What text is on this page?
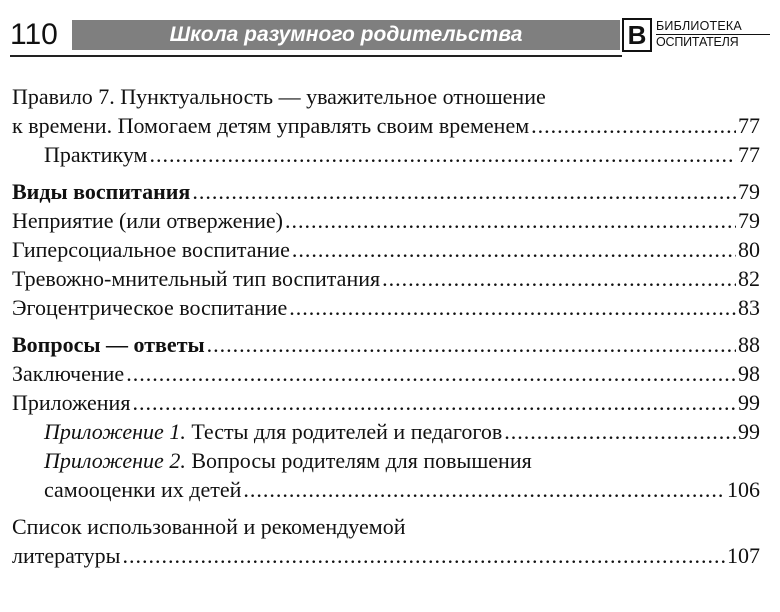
110	Школа разумного родительства	В БИБЛИОТЕКА
ОСПИТАТЕЛЯ
Правило 7. Пунктуальность — уважительное отношение
к времени. Помогаем детям управлять своим временем .....	77
Практикум .....	77
Виды воспитания .....	79
Неприятие (или отвержение) .....	79
Гиперсоциальное воспитание .....	80
Тревожно-мнительный тип воспитания .....	82
Эгоцентрическое воспитание .....	83
Вопросы — ответы .....	88
Заключение .....	98
Приложения .....	99
Приложение 1. Тесты для родителей и педагогов .....	99
Приложение 2. Вопросы родителям для повышения
самооценки их детей .....	106
Список использованной и рекомендуемой
литературы .....	107
